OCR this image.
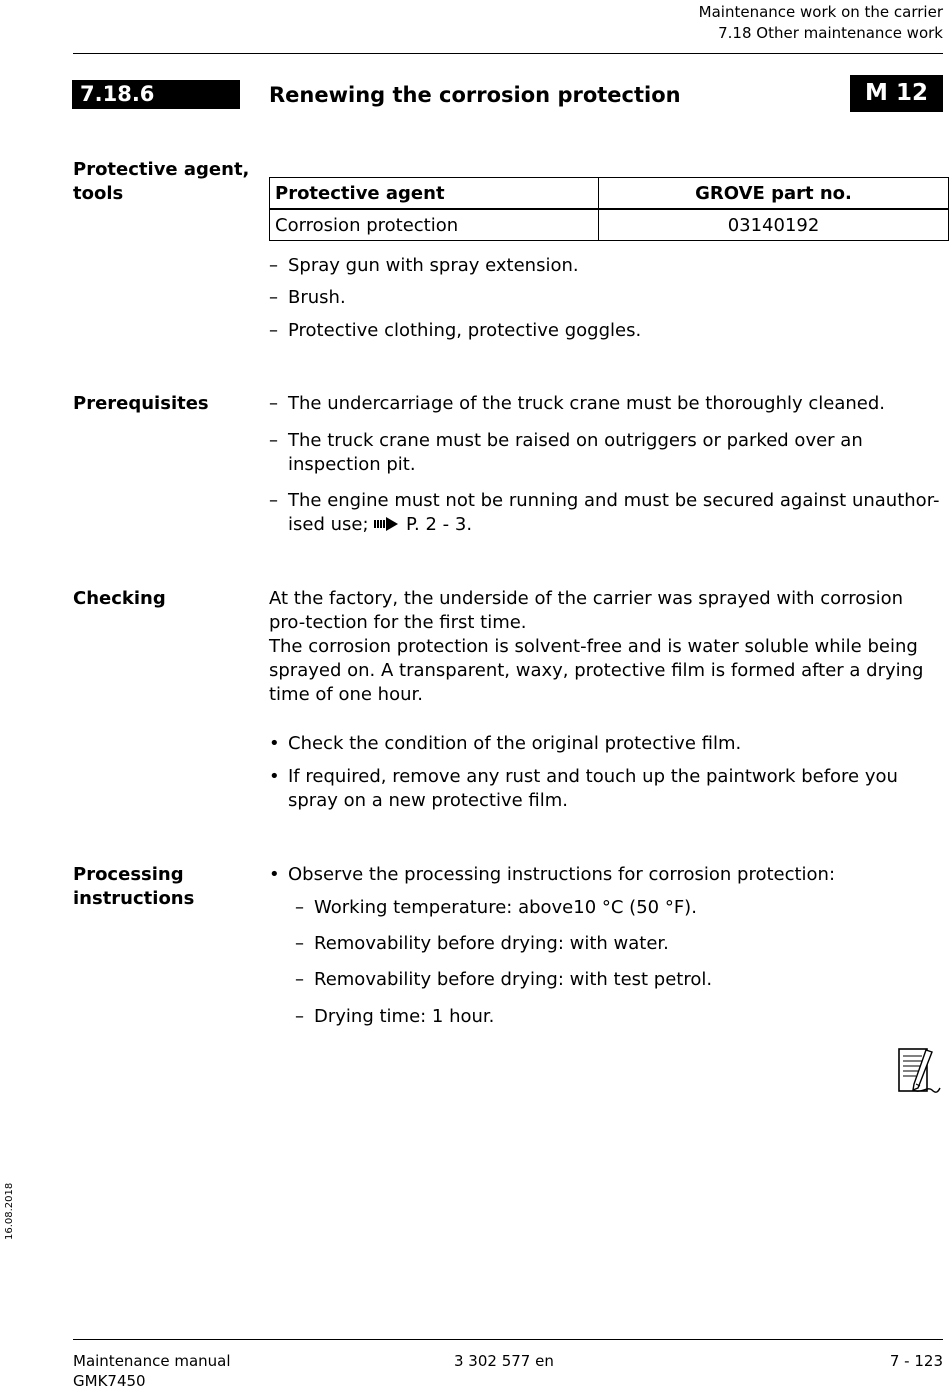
Maintenance work on the carrier
7.18 Other maintenance work
7.18.6	Renewing the corrosion protection	M 12
Protective agent,
tools	Protective agent	GROVE part no.
Corrosion protection	03140192
– Spray gun with spray extension.
– Brush.
– Protective clothing, protective goggles.
Prerequisites	– The undercarriage of the truck crane must be thoroughly cleaned.
– The truck crane must be raised on outriggers or parked over an inspection pit.
– The engine must not be running and must be secured against unauthor-ised use; P. 2 - 3.
Checking	At the factory, the underside of the carrier was sprayed with corrosion pro-tection for the first time.
The corrosion protection is solvent-free and is water soluble while being sprayed on. A transparent, waxy, protective film is formed after a drying time of one hour.
• Check the condition of the original protective film.
• If required, remove any rust and touch up the paintwork before you spray on a new protective film.
Processing
instructions
• Observe the processing instructions for corrosion protection:
– Working temperature: above10 °C (50 °F).
– Removability before drying: with water.
– Removability before drying: with test petrol.
– Drying time: 1 hour.
16.08.2018
Maintenance manual
GMK7450
3 302 577 en	7 - 123
